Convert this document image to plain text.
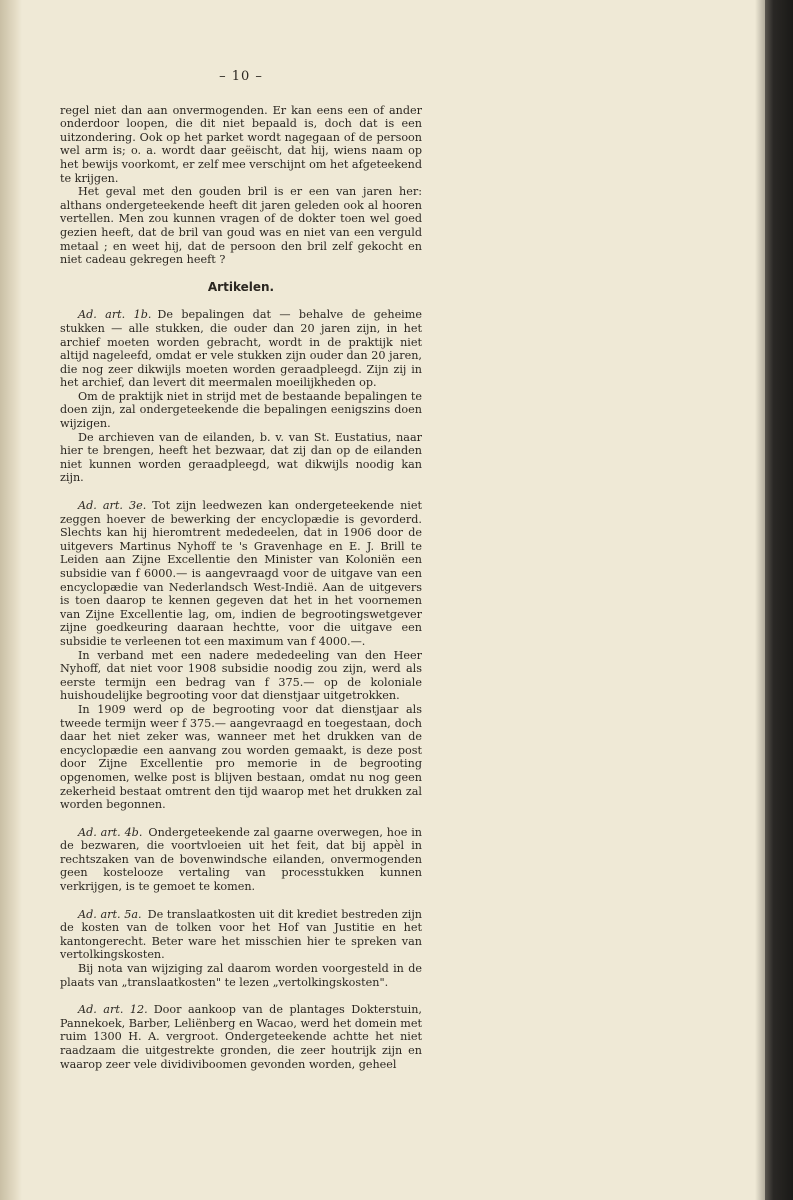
– 10 –

regel niet dan aan onvermogenden. Er kan eens een of ander onderdoor loopen, die dit niet bepaald is, doch dat is een uitzondering. Ook op het parket wordt nagegaan of de persoon wel arm is; o. a. wordt daar geëischt, dat hij, wiens naam op het bewijs voorkomt, er zelf mee verschijnt om het afgeteekend te krijgen.

Het geval met den gouden bril is er een van jaren her: althans ondergeteekende heeft dit jaren geleden ook al hooren vertellen. Men zou kunnen vragen of de dokter toen wel goed gezien heeft, dat de bril van goud was en niet van een verguld metaal ; en weet hij, dat de persoon den bril zelf gekocht en niet cadeau gekregen heeft ?

Artikelen.

Ad. art. 1b. De bepalingen dat — behalve de geheime stukken — alle stukken, die ouder dan 20 jaren zijn, in het archief moeten worden gebracht, wordt in de praktijk niet altijd nageleefd, omdat er vele stukken zijn ouder dan 20 jaren, die nog zeer dikwijls moeten worden geraadpleegd. Zijn zij in het archief, dan levert dit meermalen moeilijkheden op.

Om de praktijk niet in strijd met de bestaande bepalingen te doen zijn, zal ondergeteekende die bepalingen eenigszins doen wijzigen.

De archieven van de eilanden, b. v. van St. Eustatius, naar hier te brengen, heeft het bezwaar, dat zij dan op de eilanden niet kunnen worden geraadpleegd, wat dikwijls noodig kan zijn.

Ad. art. 3e. Tot zijn leedwezen kan ondergeteekende niet zeggen hoever de bewerking der encyclopædie is gevorderd. Slechts kan hij hieromtrent mededeelen, dat in 1906 door de uitgevers Martinus Nyhoff te 's Gravenhage en E. J. Brill te Leiden aan Zijne Excellentie den Minister van Koloniën een subsidie van f 6000.— is aangevraagd voor de uitgave van een encyclopædie van Nederlandsch West-Indië. Aan de uitgevers is toen daarop te kennen gegeven dat het in het voornemen van Zijne Excellentie lag, om, indien de begrootingswetgever zijne goedkeuring daaraan hechtte, voor die uitgave een subsidie te verleenen tot een maximum van f 4000.—.

In verband met een nadere mededeeling van den Heer Nyhoff, dat niet voor 1908 subsidie noodig zou zijn, werd als eerste termijn een bedrag van f 375.— op de koloniale huishoudelijke begrooting voor dat dienstjaar uitgetrokken.

In 1909 werd op de begrooting voor dat dienstjaar als tweede termijn weer f 375.— aangevraagd en toegestaan, doch daar het niet zeker was, wanneer met het drukken van de encyclopædie een aanvang zou worden gemaakt, is deze post door Zijne Excellentie pro memorie in de begrooting opgenomen, welke post is blijven bestaan, omdat nu nog geen zekerheid bestaat omtrent den tijd waarop met het drukken zal worden begonnen.

Ad. art. 4b. Ondergeteekende zal gaarne overwegen, hoe in de bezwaren, die voortvloeien uit het feit, dat bij appèl in rechtszaken van de bovenwindsche eilanden, onvermogenden geen kostelooze vertaling van processtukken kunnen verkrijgen, is te gemoet te komen.

Ad. art. 5a. De translaatkosten uit dit krediet bestreden zijn de kosten van de tolken voor het Hof van Justitie en het kantongerecht. Beter ware het misschien hier te spreken van vertolkingskosten.

Bij nota van wijziging zal daarom worden voorgesteld in de plaats van „translaatkosten" te lezen „vertolkingskosten".

Ad. art. 12. Door aankoop van de plantages Dokterstuin, Pannekoek, Barber, Leliënberg en Wacao, werd het domein met ruim 1300 H. A. vergroot. Ondergeteekende achtte het niet raadzaam die uitgestrekte gronden, die zeer houtrijk zijn en waarop zeer vele dividiviboomen gevonden worden, geheel
